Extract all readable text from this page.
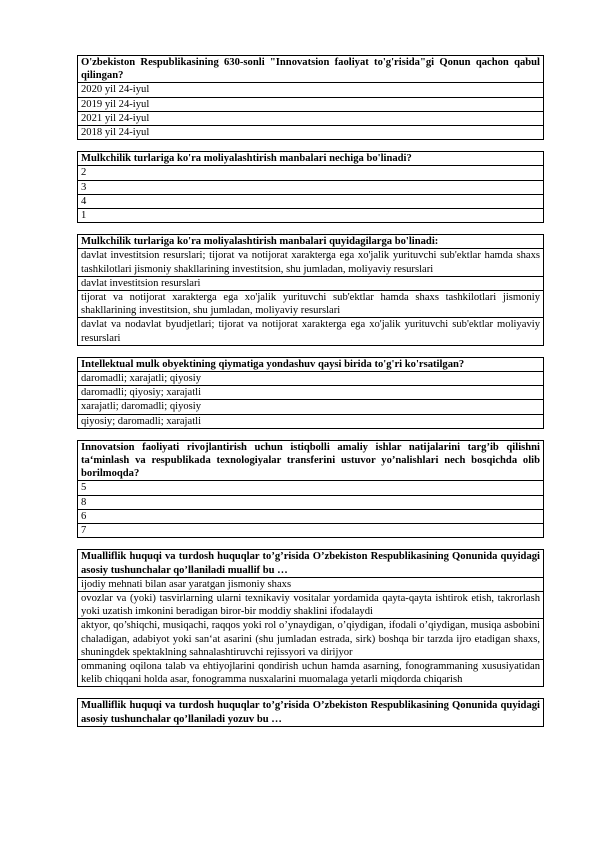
O'zbekiston Respublikasining 630-sonli "Innovatsion faoliyat to'g'risida"gi Qonun qachon qabul qilingan?
2020 yil 24-iyul
2019 yil 24-iyul
2021 yil 24-iyul
2018 yil 24-iyul
Mulkchilik turlariga ko'ra moliyalashtirish manbalari nechiga bo'linadi?
2
3
4
1
Mulkchilik turlariga ko'ra moliyalashtirish manbalari quyidagilarga bo'linadi:
davlat investitsion resurslari; tijorat va notijorat xarakterga ega xo'jalik yurituvchi sub'ektlar hamda shaxs tashkilotlari jismoniy shakllarining investitsion, shu jumladan, moliyaviy resurslari
davlat investitsion resurslari
tijorat va notijorat xarakterga ega xo'jalik yurituvchi sub'ektlar hamda shaxs tashkilotlari jismoniy shakllarining investitsion, shu jumladan, moliyaviy resurslari
davlat va nodavlat byudjetlari; tijorat va notijorat xarakterga ega xo'jalik yurituvchi sub'ektlar moliyaviy resurslari
Intellektual mulk obyektining qiymatiga yondashuv qaysi birida to'g'ri ko'rsatilgan?
daromadli; xarajatli; qiyosiy
daromadli; qiyosiy; xarajatli
xarajatli; daromadli; qiyosiy
qiyosiy; daromadli; xarajatli
Innovatsion faoliyati rivojlantirish uchun istiqbolli amaliy ishlar natijalarini targ’ib qilishni ta‘minlash va respublikada texnologiyalar transferini ustuvor yo’nalishlari nech bosqichda olib borilmoqda?
5
8
6
7
Mualliflik huquqi va turdosh huquqlar to’g’risida O’zbekiston Respublikasining Qonunida quyidagi asosiy tushunchalar qo’llaniladi muallif bu …
ijodiy mehnati bilan asar yaratgan jismoniy shaxs
ovozlar va (yoki) tasvirlarning ularni texnikaviy vositalar yordamida qayta-qayta ishtirok etish, takrorlash yoki uzatish imkonini beradigan biror-bir moddiy shaklini ifodalaydi
aktyor, qo’shiqchi, musiqachi, raqqos yoki rol o’ynaydigan, o’qiydigan, ifodali o’qiydigan, musiqa asbobini chaladigan, adabiyot yoki san‘at asarini (shu jumladan estrada, sirk) boshqa bir tarzda ijro etadigan shaxs, shuningdek spektaklning sahnalashtiruvchi rejissyori va dirijyor
ommaning oqilona talab va ehtiyojlarini qondirish uchun hamda asarning, fonogrammaning xususiyatidan kelib chiqqani holda asar, fonogramma nusxalarini muomalaga yetarli miqdorda chiqarish
Mualliflik huquqi va turdosh huquqlar to’g’risida O’zbekiston Respublikasining Qonunida quyidagi asosiy tushunchalar qo’llaniladi yozuv bu …
